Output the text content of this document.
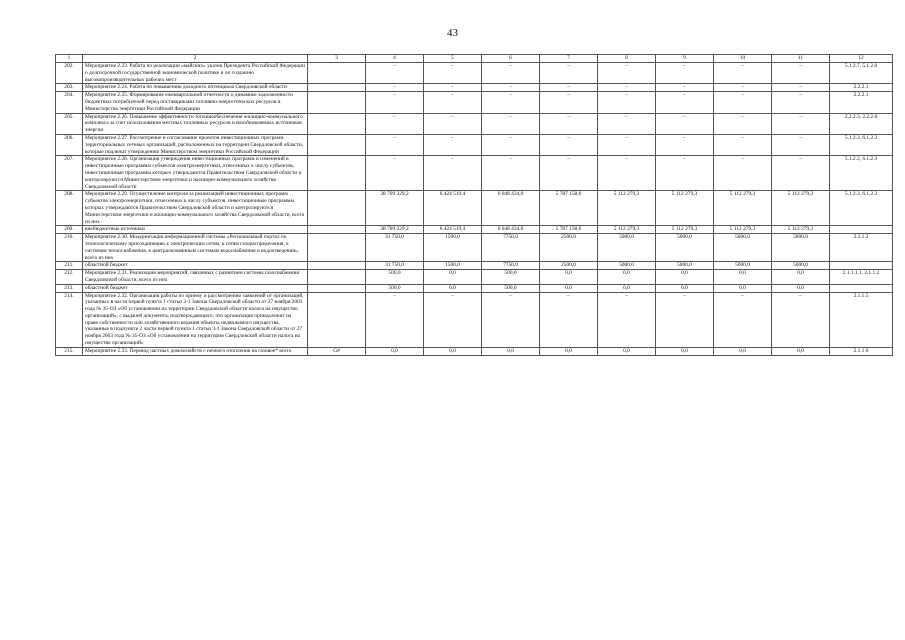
43
1	2	3	4	5	6	7	8	9	10	11	12
202.	Мероприятие 2.23. Работа по реализации «майских» указов Президента Российской Федерации о долгосрочной государственной экономической политике и по созданию высокопроизводительных рабочих мест		–	–	–	–	–	–	–	–	5.1.2.7, 5.1.2.8
203.	Мероприятие 2.24. Работа по повышению доходного потенциала Свердловской области		–	–	–	–	–	–	–	–	2.2.2.1
204.	Мероприятие 2.25. Формирование ежеквартальной отчетности о динамике задолженности бюджетных потребителей перед поставщиками топливно-энергетических ресурсов в Министерство энергетики Российской Федерации		–	–	–	–	–	–	–	–	2.2.2.1
205.	Мероприятие 2.26. Повышение эффективности топливообеспечения жилищно-коммунального комплекса за счет использования местных топливных ресурсов и возобновляемых источников энергии		–	–	–	–	–	–	–	–	2.2.2.3, 2.2.2.8
206.	Мероприятие 2.27. Рассмотрение и согласование проектов инвестиционных программ территориальных сетевых организаций, расположенных на территории Свердловской области, которые подлежат утверждению Министерством энергетики Российской Федерации		–	–	–	–	–	–	–	–	5.1.2.3, 6.1.2.3
207.	Мероприятие 2.28. Организация утверждения инвестиционных программ и изменений в инвестиционные программы субъектов электроэнергетики, отнесенных к числу субъектов, инвестиционные программы которых утверждаются Правительством Свердловской области и контролируются Министерством энергетики и жилищно-коммунального хозяйства Свердловской области		–	–	–	–	–	–	–	–	5.1.2.3, 6.1.2.3
208.	Мероприятие 2.29. Осуществление контроля за реализацией инвестиционных программ субъектов электроэнергетики, отнесенных к числу субъектов, инвестиционные программы которых утверждаются Правительством Свердловской области и контролируются Министерством энергетики и жилищно-коммунального хозяйства Свердловской области, всего из них		38 709 229,2	6 424 519,4	6 048 434,0	5 787 158,6	5 112 279,3	5 112 279,3	5 112 279,3	5 112 279,3	5.1.2.3, 6.1.2.3
209.	внебюджетные источники		38 709 229,2	6 424 519,4	6 048 434,0	5 787 158,6	5 112 279,3	5 112 279,3	5 112 279,3	5 112 279,3	
210.	Мероприятие 2.30. Модернизация информационной системы «Региональный портал по технологическому присоединению к электрическим сетям, к сетям газораспределения, к системам теплоснабжения, к централизованным системам водоснабжения и водоотведения», всего из них		31 750,0	1500,0	7750,0	2500,0	5000,0	5000,0	5000,0	5000,0	2.2.1.2
211.	областной бюджет		31 750,0	1500,0	7750,0	2500,0	5000,0	5000,0	5000,0	5000,0	
212.	Мероприятие 2.31. Реализация мероприятий, связанных с развитием системы газоснабжения Свердловской области, всего из них		500,0	0,0	500,0	0,0	0,0	0,0	0,0	0,0	2.1.1.1.1, 2.1.1.2
213.	областной бюджет		500,0	0,0	500,0	0,0	0,0	0,0	0,0	0,0	
214.	Мероприятие 2.32. Организация работы по приему и рассмотрению заявлений от организаций, указанных в части первой пункта 1 статьи 3-1 Закона Свердловской области от 27 ноября 2003 года № 35-ОЗ «Об установлении на территории Свердловской области налога на имущество организаций», с выдачей документа, подтверждающего, что организация принадлежит на праве собственности или хозяйственного ведения объекты недвижимого имущества, указанные в подпункте 2 части первой пункта 1 статьи 3-1 Закона Свердловской области от 27 ноября 2003 года № 35-ОЗ «Об установлении на территории Свердловской области налога на имущество организаций»		–	–	–	–	–	–	–	–	2.1.1.5
215.	Мероприятие 2.33. Перевод частных домохозяйств с печного отопления на газовое* всего	G#	0,0	0,0	0,0	0,0	0,0	0,0	0,0	0,0	2.1.1.6
